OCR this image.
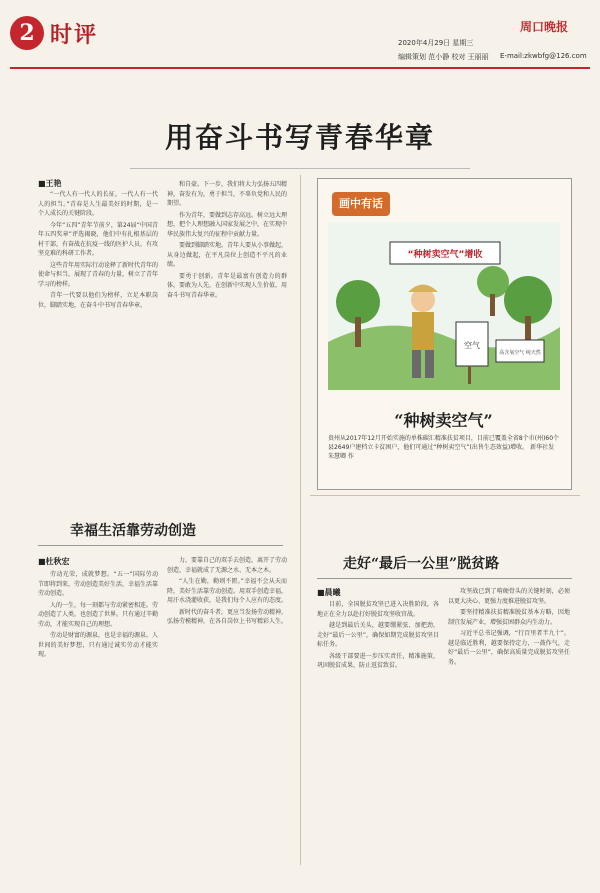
2 时评	周口晚报
2020年4月29日 星期三
编辑策划 范小静 校对 王丽丽 E-mail:zkwbfg@126.com
用奋斗书写青春华章
■王艳

“一代人有一代人的长征，一代人有一代人的担当。”青春是人生最美好的时期，是一个人成长的关键阶段。

今年“五四”青年节前夕，第24届“中国青年五四奖章”评选揭晓，他们中有扎根基层的村干部，有奋战在抗疫一线的医护人员，有攻坚克难的科研工作者。

这些青年用实际行动诠释了新时代青年的使命与担当，展现了青春的力量，树立了青年学习的榜样。

青年一代要以他们为榜样，立足本职岗位，脚踏实地，在奋斗中书写青春华章。

和自豪。下一步，我们将大力弘扬五四精神，奋发有为，勇于担当，不辜负党和人民的期望。

作为青年，要做到志存高远。树立远大理想，把个人理想融入国家发展之中，在实现中华民族伟大复兴的征程中贡献力量。

要做到脚踏实地。青年人要从小事做起，从身边做起，在平凡岗位上创造不平凡的业绩。

要勇于创新。青年是最富有创造力的群体，要敢为人先，在创新中实现人生价值，用奋斗书写青春华章。

画中有话
“种树卖空气”增收
空气
高含氧空气 纯天然
“种树卖空气”
贵州从2017年12月开始实施的单株碳汇精准扶贫项目，目前已覆盖全省8个市(州)60个县2649户建档立卡贫困户，他们可通过“种树卖空气”(出售生态效益)增收。 新华社发 朱慧卿 作
幸福生活靠劳动创造
■杜秋宏

劳动光荣，成就梦想。“五一”国际劳动节即将到来，劳动创造美好生活，幸福生活靠劳动创造。

人的一生，每一刻都与劳动紧密相连。劳动创造了人类，也创造了世界。只有通过辛勤劳动，才能实现自己的理想。

劳动是财富的源泉，也是幸福的源泉。人世间的美好梦想，只有通过诚实劳动才能实现。

力，要靠自己的双手去创造，离开了劳动创造，幸福就成了无源之水、无本之木。

“人生在勤，勤则不匮。”幸福不会从天而降，美好生活靠劳动创造。用双手创造幸福，用汗水浇灌收获，是我们每个人应有的态度。

新时代的奋斗者，更应当发扬劳动精神，弘扬劳模精神，在各自岗位上书写精彩人生。

走好“最后一公里”脱贫路
■晨曦

目前，全国脱贫攻坚已进入决胜阶段，各地正在全力以赴打好脱贫攻坚收官战。

越是到最后关头，越要绷紧弦、加把劲，走好“最后一公里”，确保如期完成脱贫攻坚目标任务。

各级干部要进一步压实责任，精准施策，巩固脱贫成果，防止返贫致贫。

攻坚战已到了啃硬骨头的关键时刻，必须以更大决心、更强力度推进脱贫攻坚。

要坚持精准扶贫精准脱贫基本方略，因地制宜发展产业，增强贫困群众内生动力。

习近平总书记强调，“行百里者半九十”。越是临近胜利，越要保持定力，一鼓作气，走好“最后一公里”，确保高质量完成脱贫攻坚任务。
